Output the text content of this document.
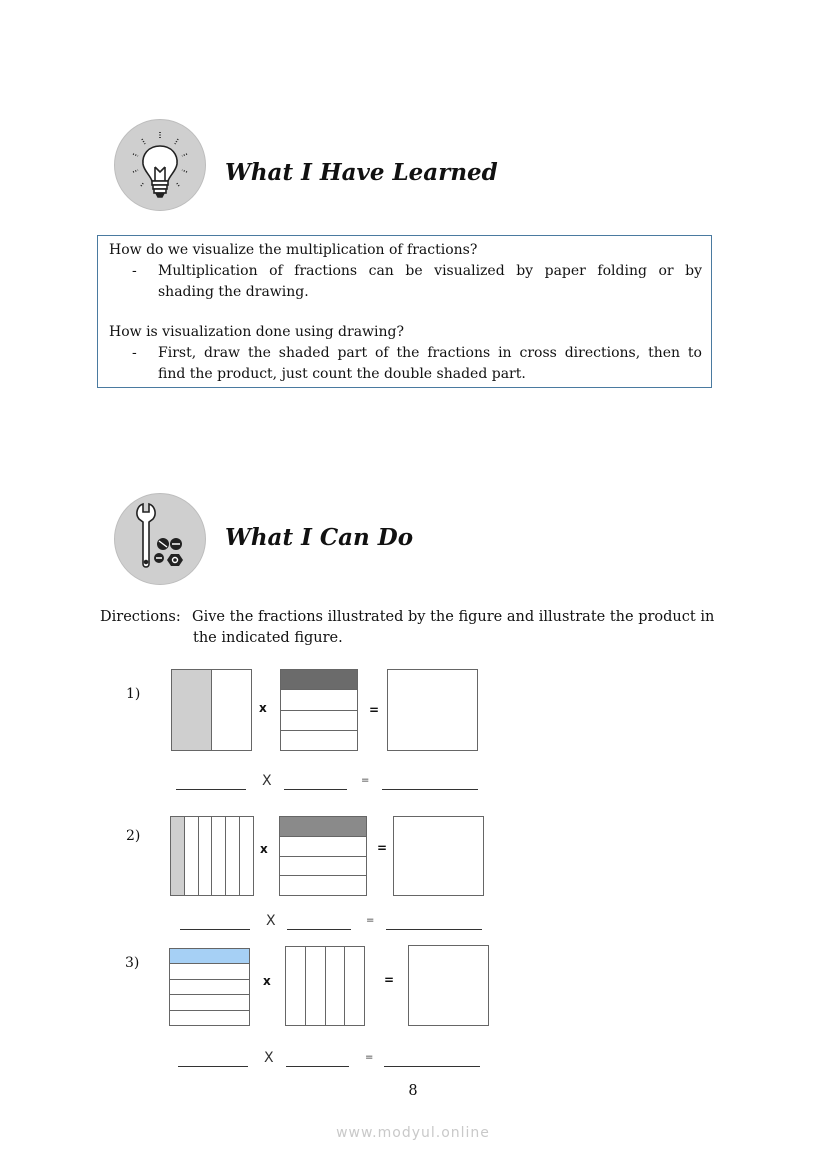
What I Have Learned
How do we visualize the multiplication of fractions?
- Multiplication of fractions can be visualized by paper folding or by
shading the drawing.
How is visualization done using drawing?
- First, draw the shaded part of the fractions in cross directions, then to
find the product, just count the double shaded part.
What I Can Do
Directions: Give the fractions illustrated by the figure and illustrate the product in
the indicated figure.
1)
x	=
X	=
2)
x	=
X	=
3)
x	=
X	=
8
www.modyul.online
